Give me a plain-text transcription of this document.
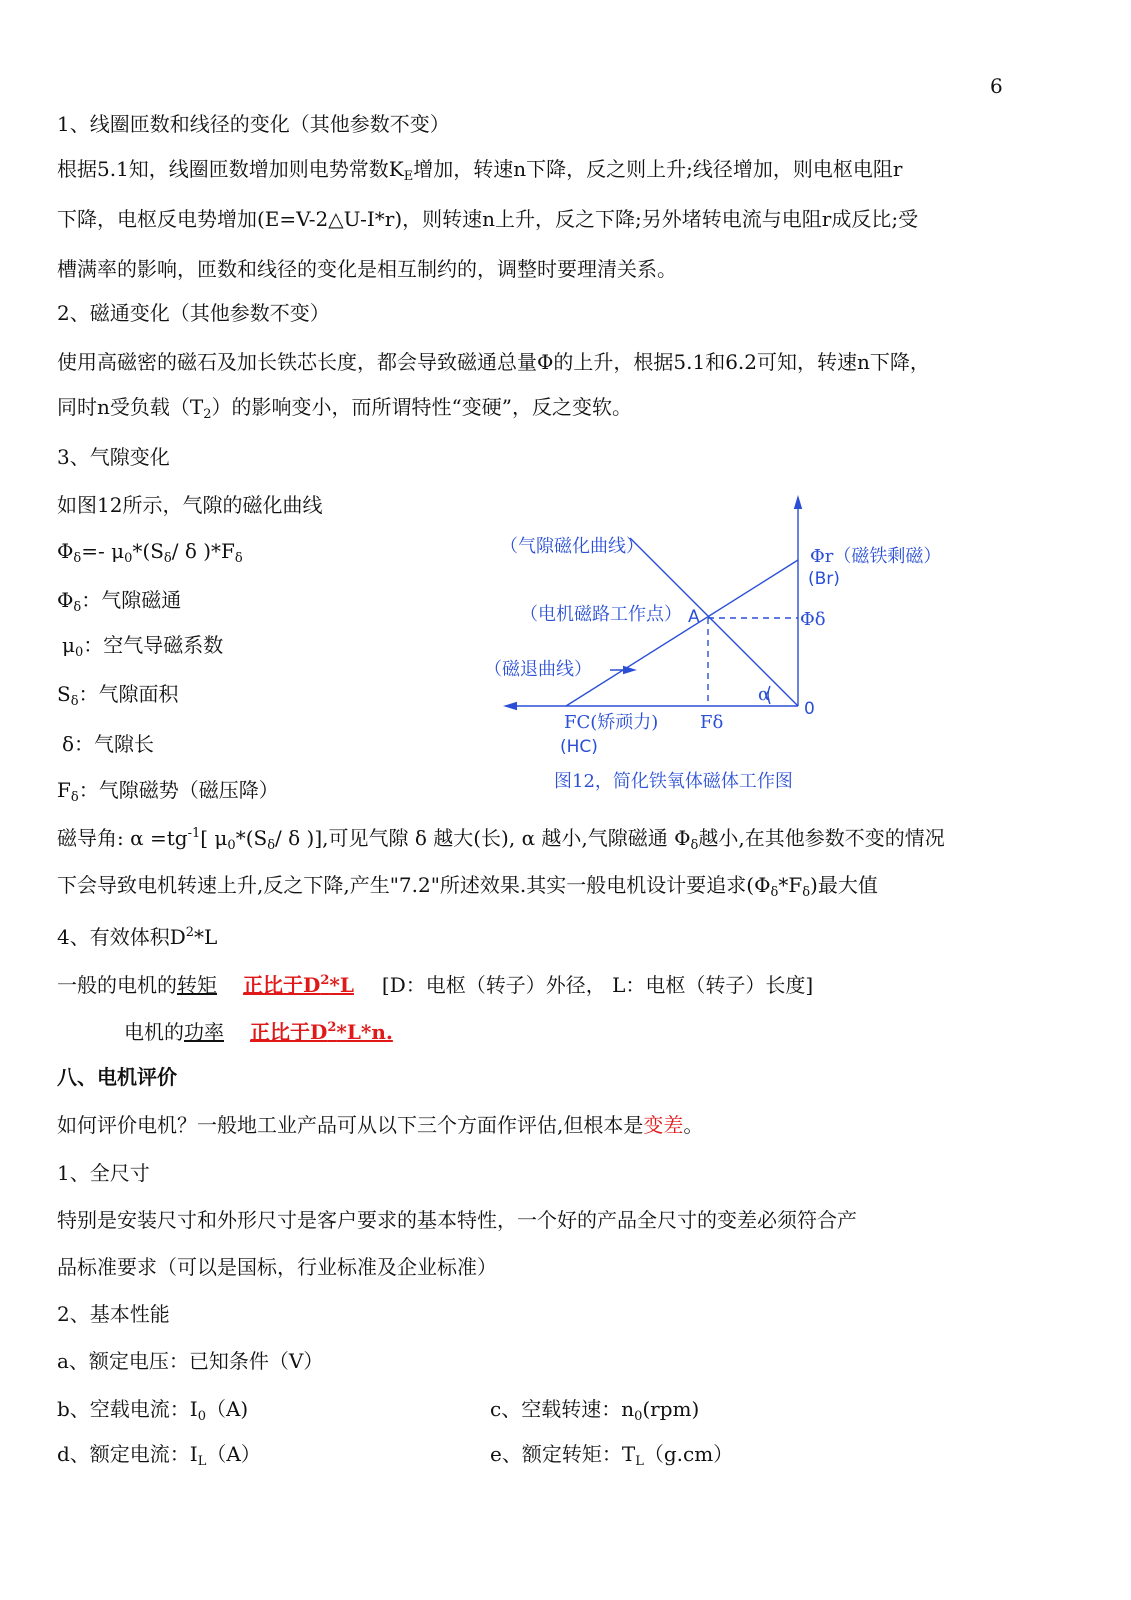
6
1、线圈匝数和线径的变化（其他参数不变）
根据5.1知，线圈匝数增加则电势常数$K_E$增加，转速n下降，反之则上升;线径增加，则电枢电阻r
下降，电枢反电势增加(E=V-2△U-I*r)，则转速n上升，反之下降;另外堵转电流与电阻r成反比;受
槽满率的影响，匝数和线径的变化是相互制约的，调整时要理清关系。
2、磁通变化（其他参数不变）
使用高磁密的磁石及加长铁芯长度，都会导致磁通总量Φ的上升，根据5.1和6.2可知，转速n下降，
同时n受负载$(T_2)$的影响变小，而所谓特性“变硬”，反之变软。
3、气隙变化
如图12所示，气隙的磁化曲线
$\Phi_\delta=-$ $\mu_0*(S_\delta/$ δ )$*F_\delta$
$\Phi_\delta$：气隙磁通
$\mu_0$：空气导磁系数
$S_\delta$：气隙面积
δ：气隙长
$F_\delta$：气隙磁势（磁压降）
（气隙磁化曲线）	Φr（磁铁剩磁）
(Br)
（电机磁路工作点） A	Φδ
（磁退曲线）
0
α
FC(矫顽力)
(HC)
Fδ
图12，简化铁氧体磁体工作图
磁导角: $\alpha =tg^{-1}$[ $\mu_0*(S_\delta/$ δ )],可见气隙 δ 越大(长), α 越小,气隙磁通 $\Phi_\delta$越小,在其他参数不变的情况
下会导致电机转速上升,反之下降,产生"7.2"所述效果.其实一般电机设计要追求$(\Phi_\delta*F_\delta)$最大值
4、有效体积$D^2*L$
一般的电机的转矩 正比于$D^2*L$ [D：电枢（转子）外径， L：电枢（转子）长度]
电机的功率 正比于$D^2*L*n$.
八、电机评价
如何评价电机？一般地工业产品可从以下三个方面作评估,但根本是变差。
1、全尺寸
特别是安装尺寸和外形尺寸是客户要求的基本特性，一个好的产品全尺寸的变差必须符合产
品标准要求（可以是国标，行业标准及企业标准）
2、基本性能
a、额定电压：已知条件（V）
b、空载电流：$I_0(A)$	c、空载转速：$n_0(rpm)$
d、额定电流：$I_L(A)$	e、额定转矩：$T_L(g.cm)$
